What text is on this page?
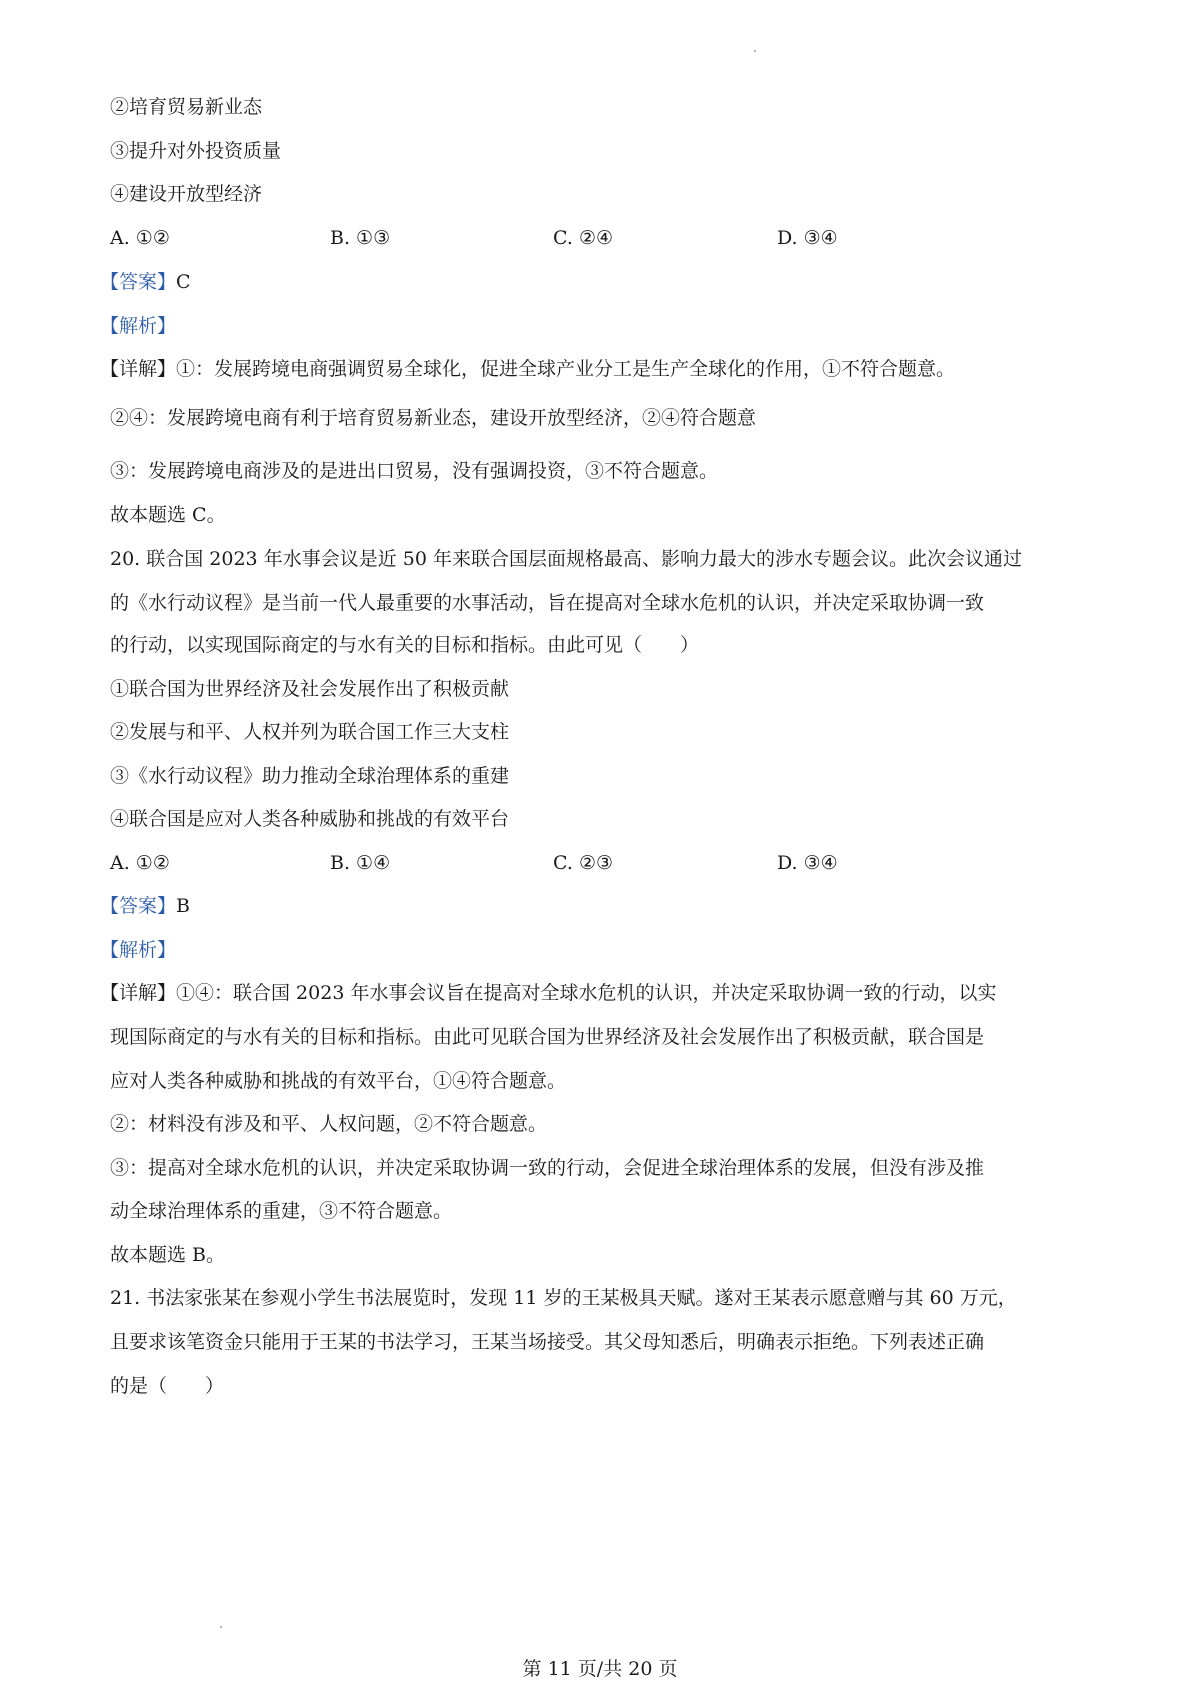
②培育贸易新业态
③提升对外投资质量
④建设开放型经济
A. ①②	B. ①③	C. ②④	D. ③④
【答案】C
【解析】
【详解】①：发展跨境电商强调贸易全球化，促进全球产业分工是生产全球化的作用，①不符合题意。
②④：发展跨境电商有利于培育贸易新业态，建设开放型经济，②④符合题意
③：发展跨境电商涉及的是进出口贸易，没有强调投资，③不符合题意。
故本题选 C。
20. 联合国 2023 年水事会议是近 50 年来联合国层面规格最高、影响力最大的涉水专题会议。此次会议通过
的《水行动议程》是当前一代人最重要的水事活动，旨在提高对全球水危机的认识，并决定采取协调一致
的行动，以实现国际商定的与水有关的目标和指标。由此可见（　　）
①联合国为世界经济及社会发展作出了积极贡献
②发展与和平、人权并列为联合国工作三大支柱
③《水行动议程》助力推动全球治理体系的重建
④联合国是应对人类各种威胁和挑战的有效平台
A. ①②	B. ①④	C. ②③	D. ③④
【答案】B
【解析】
【详解】①④：联合国 2023 年水事会议旨在提高对全球水危机的认识，并决定采取协调一致的行动，以实
现国际商定的与水有关的目标和指标。由此可见联合国为世界经济及社会发展作出了积极贡献，联合国是
应对人类各种威胁和挑战的有效平台，①④符合题意。
②：材料没有涉及和平、人权问题，②不符合题意。
③：提高对全球水危机的认识，并决定采取协调一致的行动，会促进全球治理体系的发展，但没有涉及推
动全球治理体系的重建，③不符合题意。
故本题选 B。
21. 书法家张某在参观小学生书法展览时，发现 11 岁的王某极具天赋。遂对王某表示愿意赠与其 60 万元，
且要求该笔资金只能用于王某的书法学习，王某当场接受。其父母知悉后，明确表示拒绝。下列表述正确
的是（　　）
第 11 页/共 20 页
